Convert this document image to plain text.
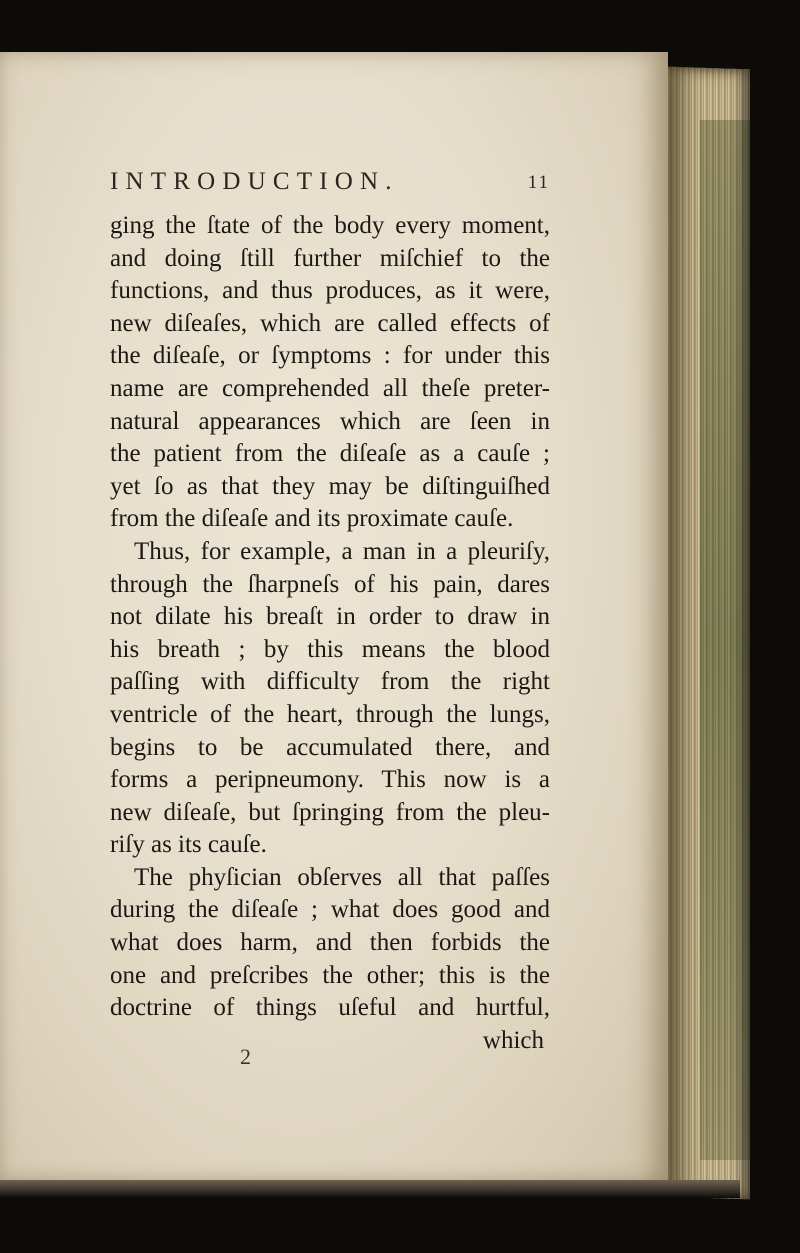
INTRODUCTION.	11
ging the ſtate of the body every moment,
and doing ſtill further miſchief to the
functions, and thus produces, as it were,
new diſeaſes, which are called effects of
the diſeaſe, or ſymptoms : for under this
name are comprehended all theſe preter-
natural appearances which are ſeen in
the patient from the diſeaſe as a cauſe ;
yet ſo as that they may be diſtinguiſhed
from the diſeaſe and its proximate cauſe.
Thus, for example, a man in a pleuriſy,
through the ſharpneſs of his pain, dares
not dilate his breaſt in order to draw in
his breath ; by this means the blood
paſſing with difficulty from the right
ventricle of the heart, through the lungs,
begins to be accumulated there, and
forms a peripneumony. This now is a
new diſeaſe, but ſpringing from the pleu-
riſy as its cauſe.
The phyſician obſerves all that paſſes
during the diſeaſe ; what does good and
what does harm, and then forbids the
one and preſcribes the other; this is the
doctrine of things uſeful and hurtful,
which
2
